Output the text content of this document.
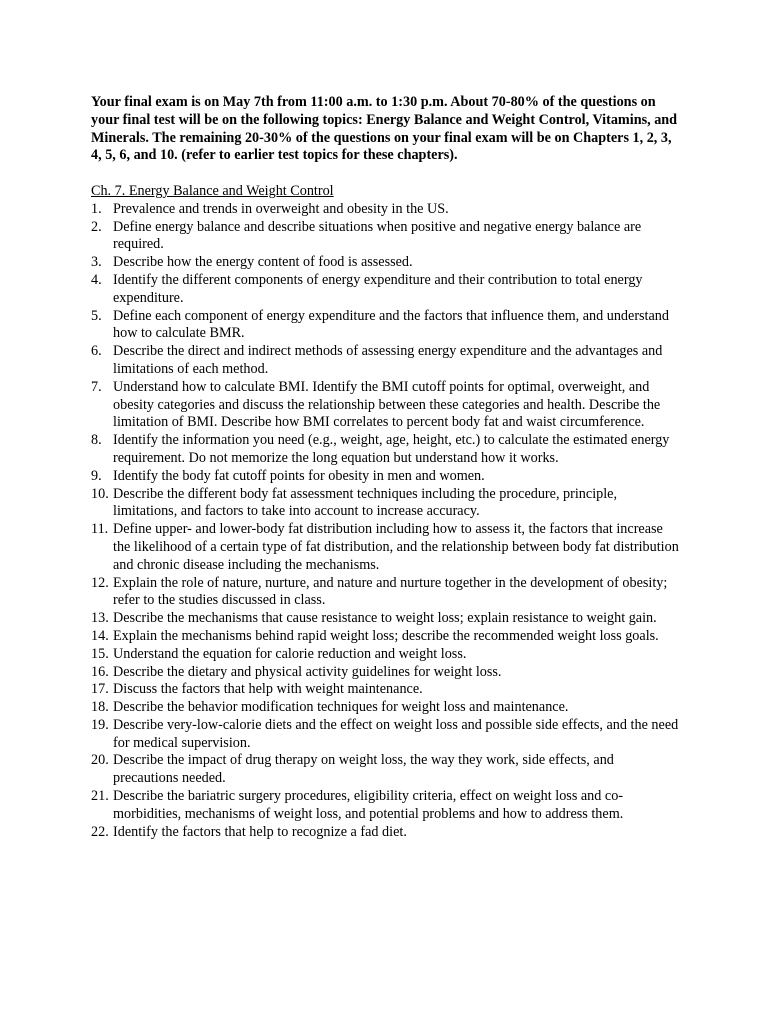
Your final exam is on May 7th from 11:00 a.m. to 1:30 p.m. About 70-80% of the questions on your final test will be on the following topics: Energy Balance and Weight Control, Vitamins, and Minerals. The remaining 20-30% of the questions on your final exam will be on Chapters 1, 2, 3, 4, 5, 6, and 10. (refer to earlier test topics for these chapters).

Ch. 7. Energy Balance and Weight Control
1. Prevalence and trends in overweight and obesity in the US.
2. Define energy balance and describe situations when positive and negative energy balance are required.
3. Describe how the energy content of food is assessed.
4. Identify the different components of energy expenditure and their contribution to total energy expenditure.
5. Define each component of energy expenditure and the factors that influence them, and understand how to calculate BMR.
6. Describe the direct and indirect methods of assessing energy expenditure and the advantages and limitations of each method.
7. Understand how to calculate BMI. Identify the BMI cutoff points for optimal, overweight, and obesity categories and discuss the relationship between these categories and health. Describe the limitation of BMI. Describe how BMI correlates to percent body fat and waist circumference.
8. Identify the information you need (e.g., weight, age, height, etc.) to calculate the estimated energy requirement. Do not memorize the long equation but understand how it works.
9. Identify the body fat cutoff points for obesity in men and women.
10. Describe the different body fat assessment techniques including the procedure, principle, limitations, and factors to take into account to increase accuracy.
11. Define upper- and lower-body fat distribution including how to assess it, the factors that increase the likelihood of a certain type of fat distribution, and the relationship between body fat distribution and chronic disease including the mechanisms.
12. Explain the role of nature, nurture, and nature and nurture together in the development of obesity; refer to the studies discussed in class.
13. Describe the mechanisms that cause resistance to weight loss; explain resistance to weight gain.
14. Explain the mechanisms behind rapid weight loss; describe the recommended weight loss goals.
15. Understand the equation for calorie reduction and weight loss.
16. Describe the dietary and physical activity guidelines for weight loss.
17. Discuss the factors that help with weight maintenance.
18. Describe the behavior modification techniques for weight loss and maintenance.
19. Describe very-low-calorie diets and the effect on weight loss and possible side effects, and the need for medical supervision.
20. Describe the impact of drug therapy on weight loss, the way they work, side effects, and precautions needed.
21. Describe the bariatric surgery procedures, eligibility criteria, effect on weight loss and co-morbidities, mechanisms of weight loss, and potential problems and how to address them.
22. Identify the factors that help to recognize a fad diet.
